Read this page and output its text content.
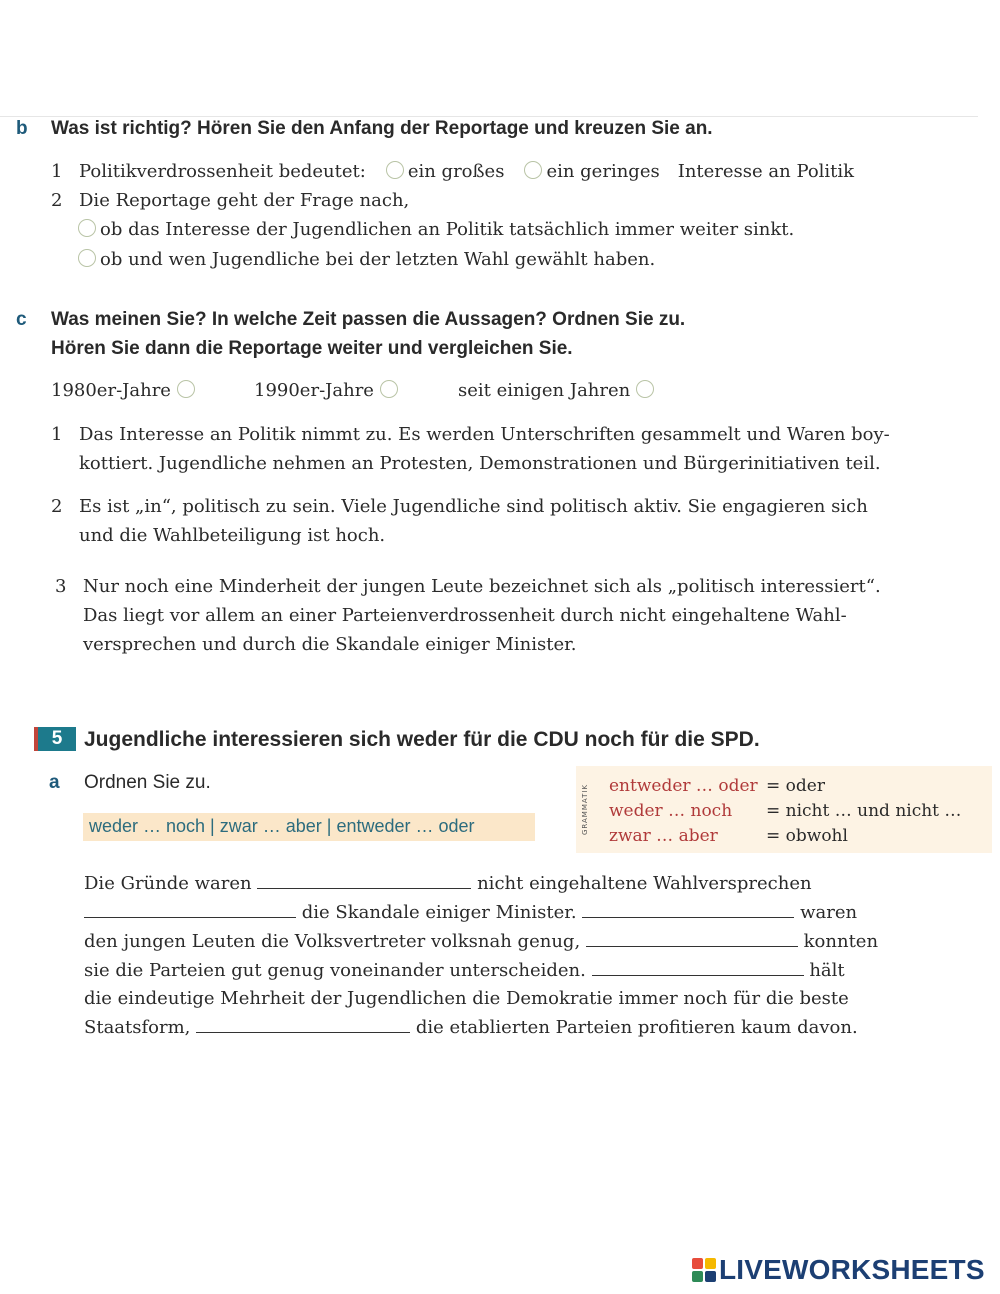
b Was ist richtig? Hören Sie den Anfang der Reportage und kreuzen Sie an.
1 Politikverdrossenheit bedeutet: ein großes ein geringes Interesse an Politik
2 Die Reportage geht der Frage nach,
ob das Interesse der Jugendlichen an Politik tatsächlich immer weiter sinkt.
ob und wen Jugendliche bei der letzten Wahl gewählt haben.
c Was meinen Sie? In welche Zeit passen die Aussagen? Ordnen Sie zu.
Hören Sie dann die Reportage weiter und vergleichen Sie.
1980er-Jahre	1990er-Jahre	seit einigen Jahren
1 Das Interesse an Politik nimmt zu. Es werden Unterschriften gesammelt und Waren boy-
kottiert. Jugendliche nehmen an Protesten, Demonstrationen und Bürgerinitiativen teil.
2 Es ist „in“, politisch zu sein. Viele Jugendliche sind politisch aktiv. Sie engagieren sich
und die Wahlbeteiligung ist hoch.
3 Nur noch eine Minderheit der jungen Leute bezeichnet sich als „politisch interessiert“.
Das liegt vor allem an einer Parteienverdrossenheit durch nicht eingehaltene Wahl-
versprechen und durch die Skandale einiger Minister.
5	Jugendliche interessieren sich weder für die CDU noch für die SPD.
a Ordnen Sie zu.
weder … noch | zwar … aber | entweder … oder	GRAMMATIK entweder … oder = oder
weder … noch = nicht … und nicht …
zwar … aber	= obwohl
Die Gründe waren	nicht eingehaltene Wahlversprechen
die Skandale einiger Minister.	waren
den jungen Leuten die Volksvertreter volksnah genug,	konnten
sie die Parteien gut genug voneinander unterscheiden.	hält
die eindeutige Mehrheit der Jugendlichen die Demokratie immer noch für die beste
Staatsform,	die etablierten Parteien profitieren kaum davon.
LIVEWORKSHEETS
